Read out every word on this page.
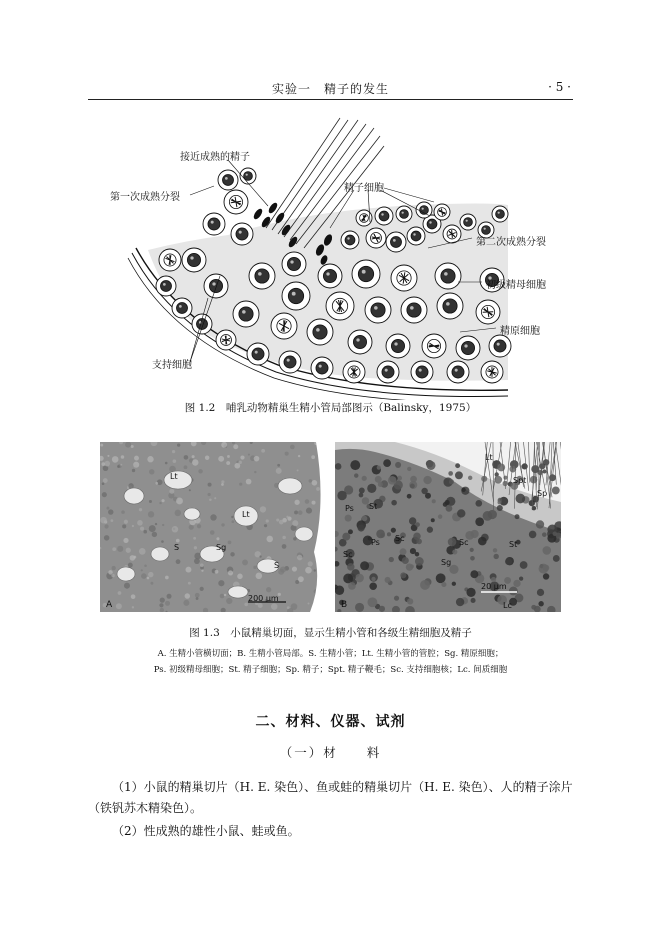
实验一　精子的发生	· 5 ·
接近成熟的精子
第一次成熟分裂
精子细胞
第二次成熟分裂
初级精母细胞
精原细胞
支持细胞
图 1.2　哺乳动物精巢生精小管局部图示（Balinsky，1975）
Lt
Lt
S	Sg
S
A
200 μm
Lt
Spt
Sp
Ps St
Ps
Sg
Sc
Sc	Sc	St
Lc
B
20 μm
图 1.3　小鼠精巢切面，显示生精小管和各级生精细胞及精子
A. 生精小管横切面；B. 生精小管局部。S. 生精小管；Lt. 生精小管的管腔；Sg. 精原细胞；
Ps. 初级精母细胞；St. 精子细胞；Sp. 精子；Spt. 精子鞭毛；Sc. 支持细胞核；Lc. 间质细胞
二、材料、仪器、试剂
（一）材　　料
（1）小鼠的精巢切片（H. E. 染色）、鱼或蛙的精巢切片（H. E. 染色）、人的精子涂片（铁钒苏木精染色）。
（2）性成熟的雄性小鼠、蛙或鱼。
